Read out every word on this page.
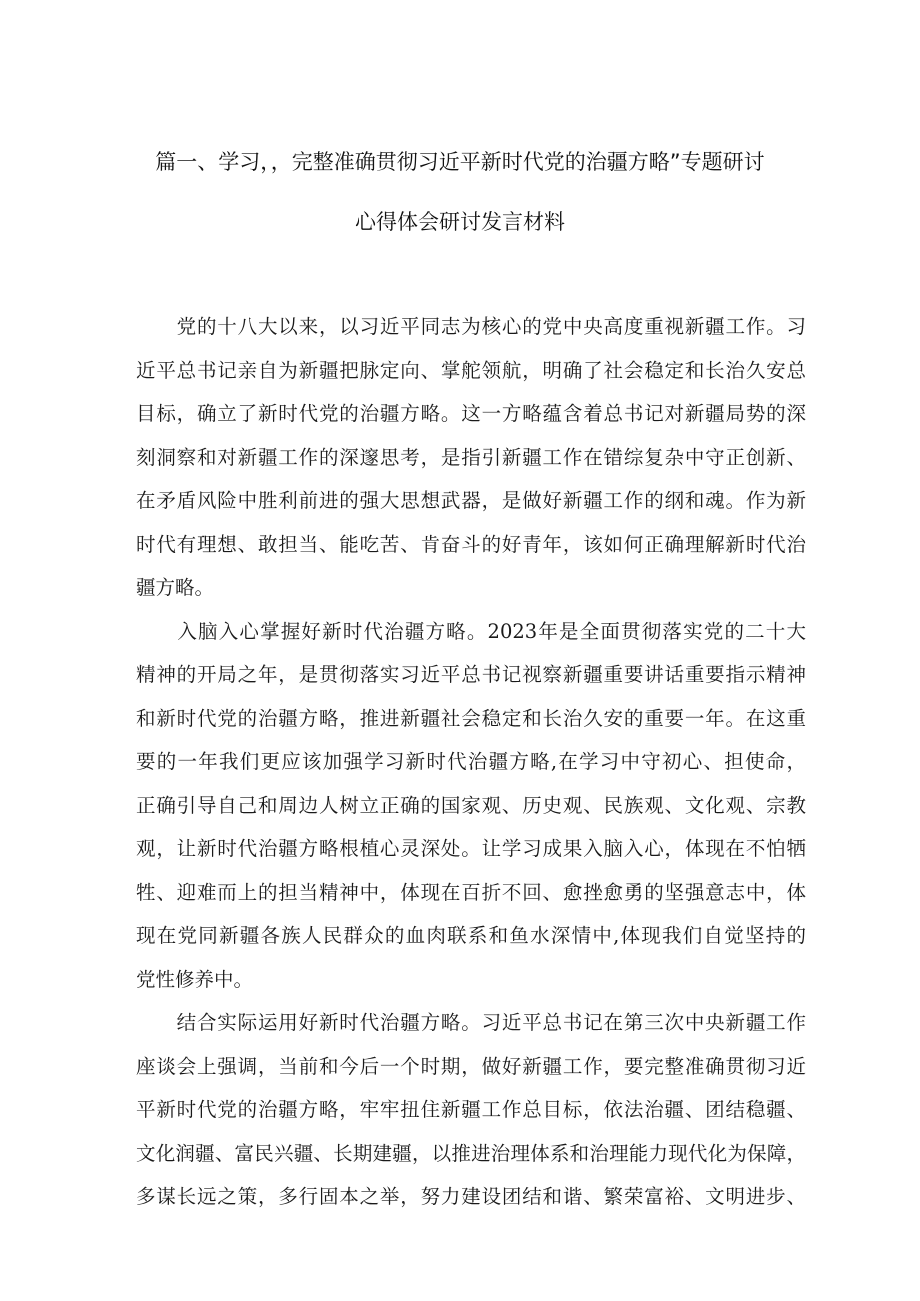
篇一、学习，，完整准确贯彻习近平新时代党的治疆方略”专题研讨
心得体会研讨发言材料
　　党的十八大以来，以习近平同志为核心的党中央高度重视新疆工作。习
近平总书记亲自为新疆把脉定向、掌舵领航，明确了社会稳定和长治久安总
目标，确立了新时代党的治疆方略。这一方略蕴含着总书记对新疆局势的深
刻洞察和对新疆工作的深邃思考，是指引新疆工作在错综复杂中守正创新、
在矛盾风险中胜利前进的强大思想武器，是做好新疆工作的纲和魂。作为新
时代有理想、敢担当、能吃苦、肯奋斗的好青年，该如何正确理解新时代治
疆方略。
　　入脑入心掌握好新时代治疆方略。2023年是全面贯彻落实党的二十大
精神的开局之年，是贯彻落实习近平总书记视察新疆重要讲话重要指示精神
和新时代党的治疆方略，推进新疆社会稳定和长治久安的重要一年。在这重
要的一年我们更应该加强学习新时代治疆方略,在学习中守初心、担使命，
正确引导自己和周边人树立正确的国家观、历史观、民族观、文化观、宗教
观，让新时代治疆方略根植心灵深处。让学习成果入脑入心，体现在不怕牺
牲、迎难而上的担当精神中，体现在百折不回、愈挫愈勇的坚强意志中，体
现在党同新疆各族人民群众的血肉联系和鱼水深情中,体现我们自觉坚持的
党性修养中。
　　结合实际运用好新时代治疆方略。习近平总书记在第三次中央新疆工作
座谈会上强调，当前和今后一个时期，做好新疆工作，要完整准确贯彻习近
平新时代党的治疆方略，牢牢扭住新疆工作总目标，依法治疆、团结稳疆、
文化润疆、富民兴疆、长期建疆，以推进治理体系和治理能力现代化为保障，
多谋长远之策，多行固本之举，努力建设团结和谐、繁荣富裕、文明进步、
